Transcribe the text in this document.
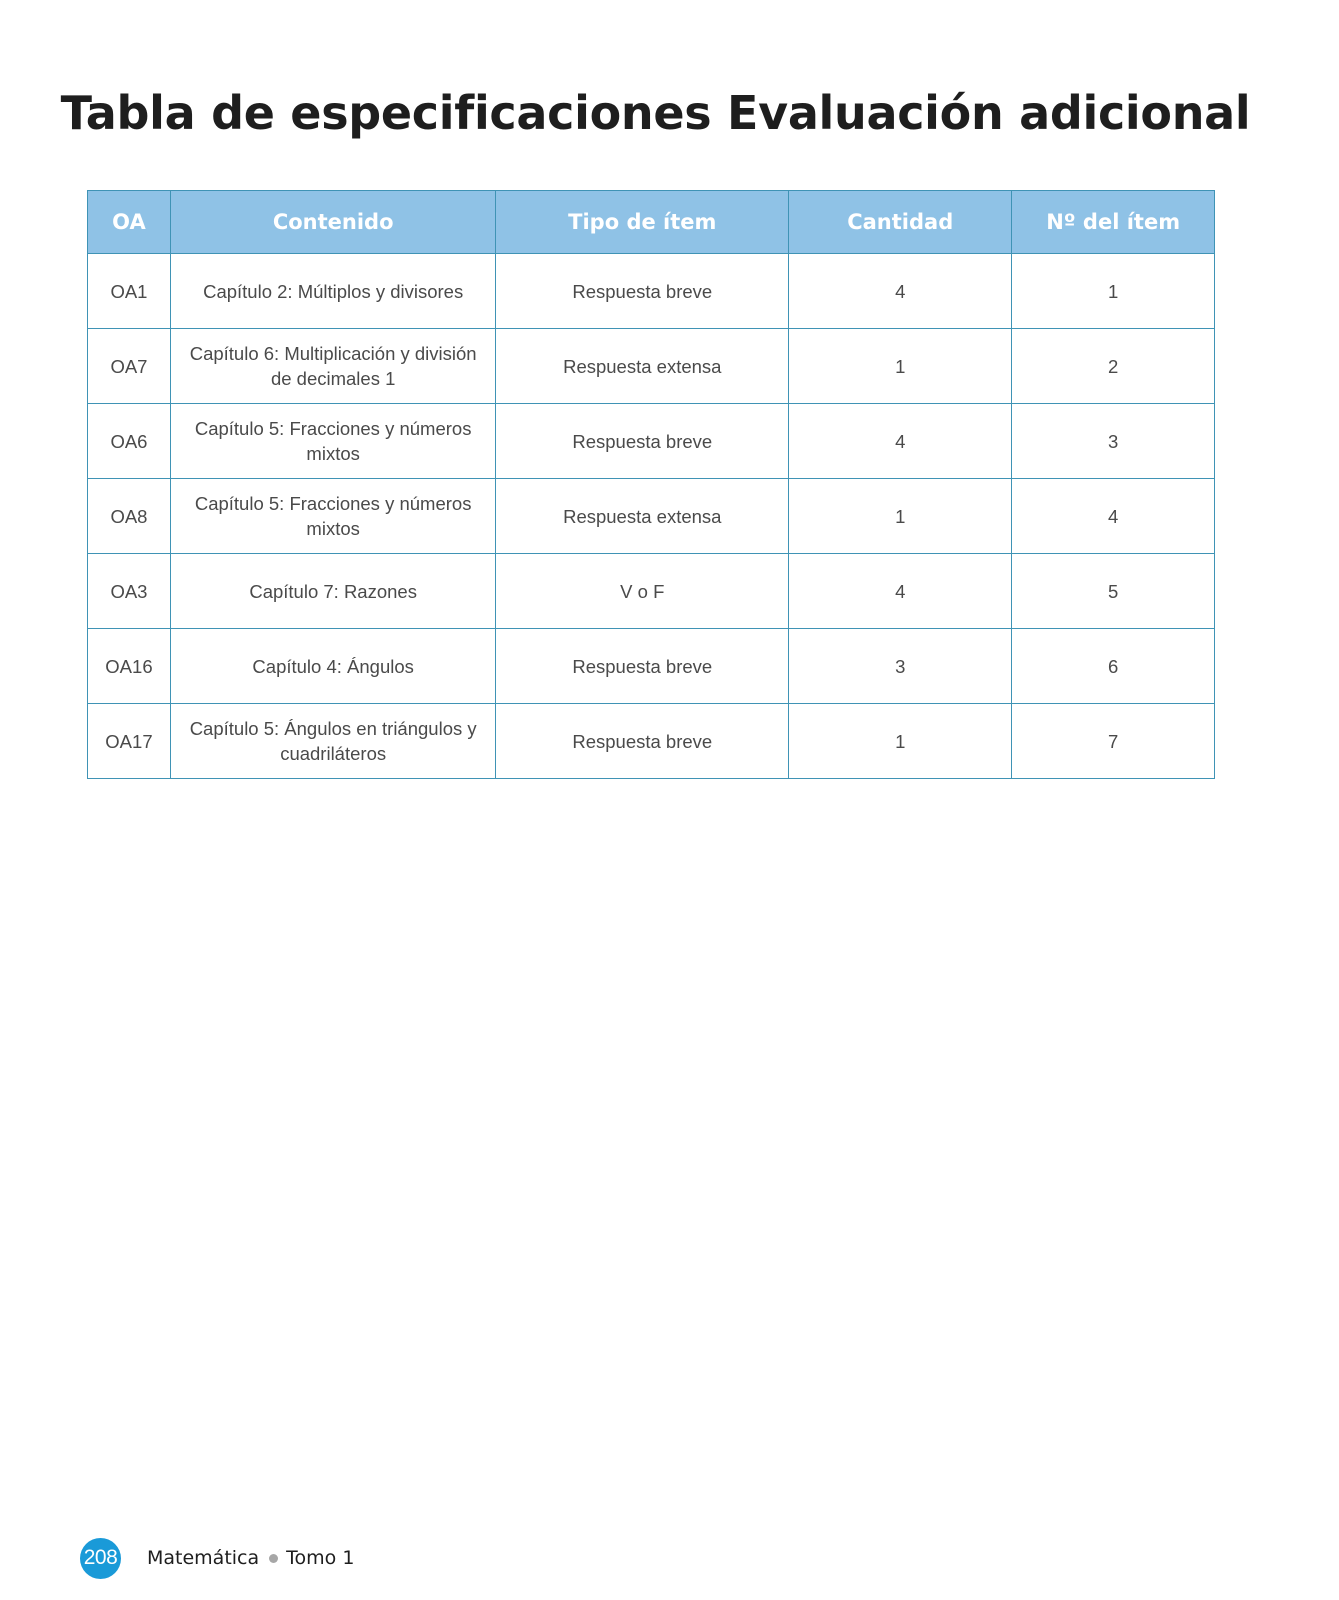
Tabla de especificaciones Evaluación adicional
OA	Contenido	Tipo de ítem	Cantidad	Nº del ítem
OA1	Capítulo 2: Múltiplos y divisores	Respuesta breve	4	1
OA7	Capítulo 6: Multiplicación y división de decimales 1	Respuesta extensa	1	2
OA6	Capítulo 5: Fracciones y números mixtos	Respuesta breve	4	3
OA8	Capítulo 5: Fracciones y números mixtos	Respuesta extensa	1	4
OA3	Capítulo 7: Razones	V o F	4	5
OA16	Capítulo 4: Ángulos	Respuesta breve	3	6
OA17	Capítulo 5: Ángulos en triángulos y cuadriláteros	Respuesta breve	1	7
208 Matemática Tomo 1
